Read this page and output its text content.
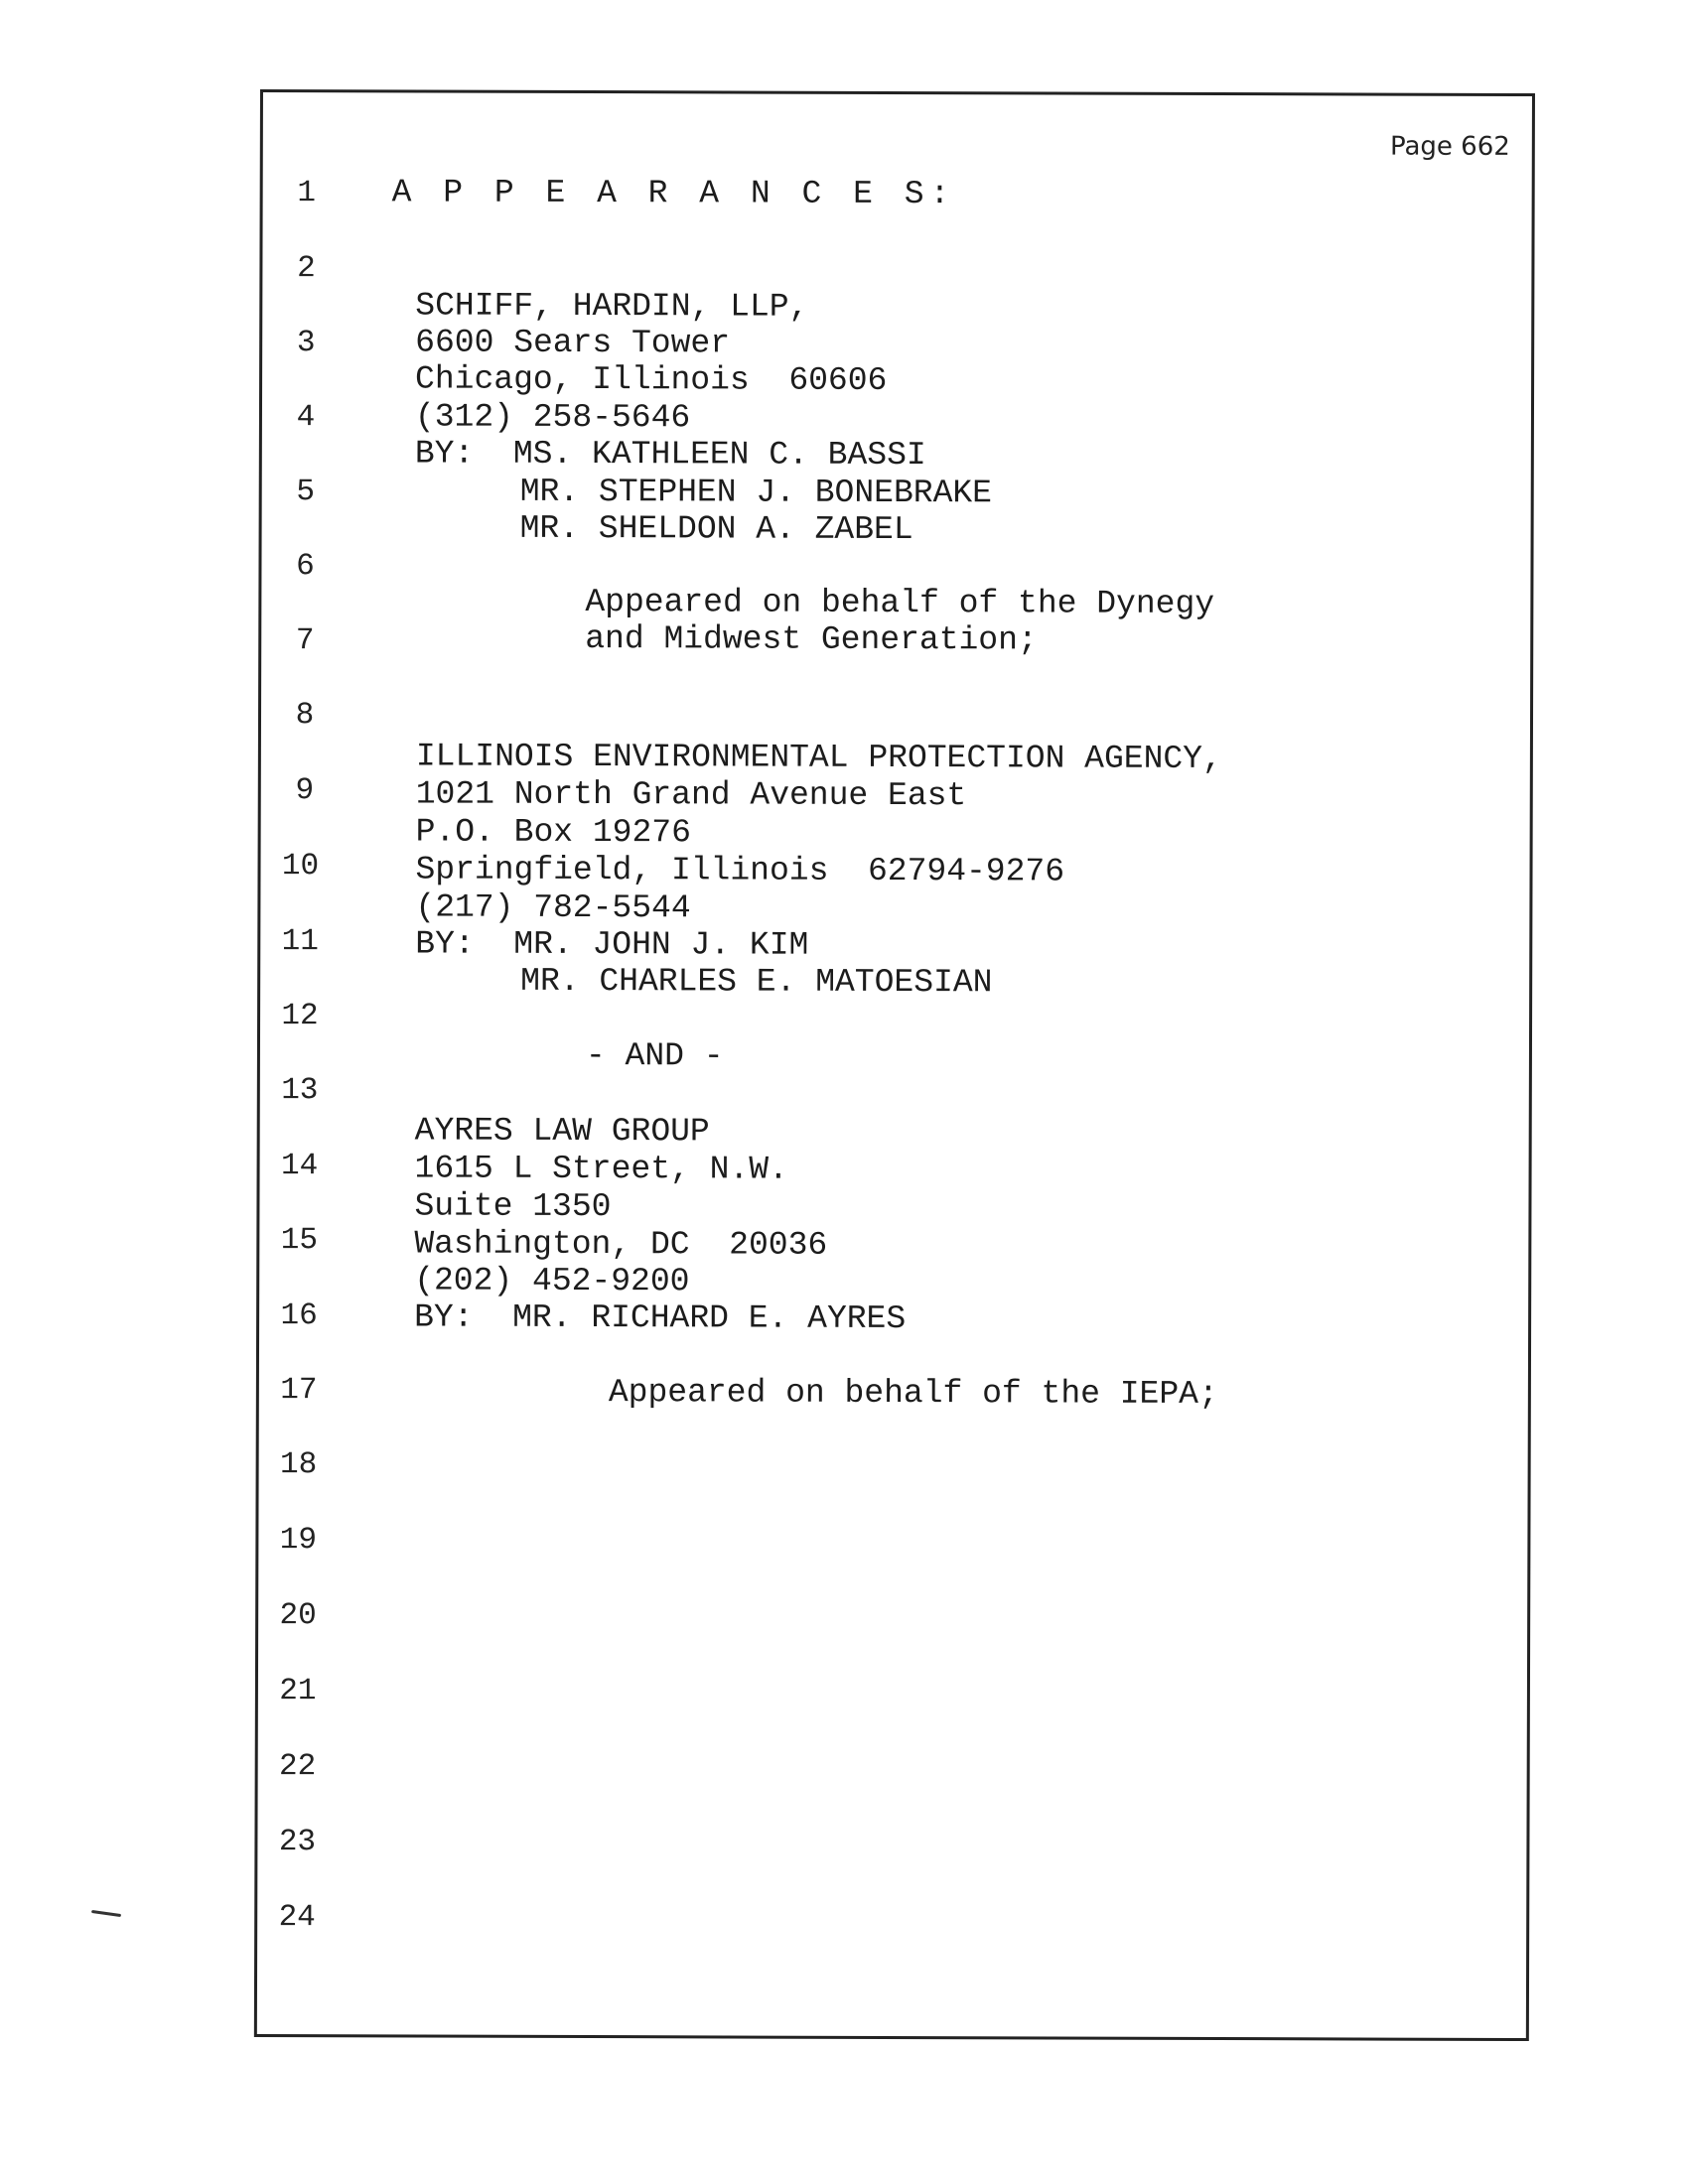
Page 662
1
2
3
4
5
6
7
8
9
10
11
12
13
14
15
16
17
18
19
20
21
22
23
24
A P P E A R A N C E S:
SCHIFF, HARDIN, LLP,
6600 Sears Tower
Chicago, Illinois  60606
(312) 258-5646
BY:  MS. KATHLEEN C. BASSI
MR. STEPHEN J. BONEBRAKE
MR. SHELDON A. ZABEL
Appeared on behalf of the Dynegy
and Midwest Generation;
ILLINOIS ENVIRONMENTAL PROTECTION AGENCY,
1021 North Grand Avenue East
P.O. Box 19276
Springfield, Illinois  62794-9276
(217) 782-5544
BY:  MR. JOHN J. KIM
MR. CHARLES E. MATOESIAN
- AND -
AYRES LAW GROUP
1615 L Street, N.W.
Suite 1350
Washington, DC  20036
(202) 452-9200
BY:  MR. RICHARD E. AYRES
Appeared on behalf of the IEPA;
